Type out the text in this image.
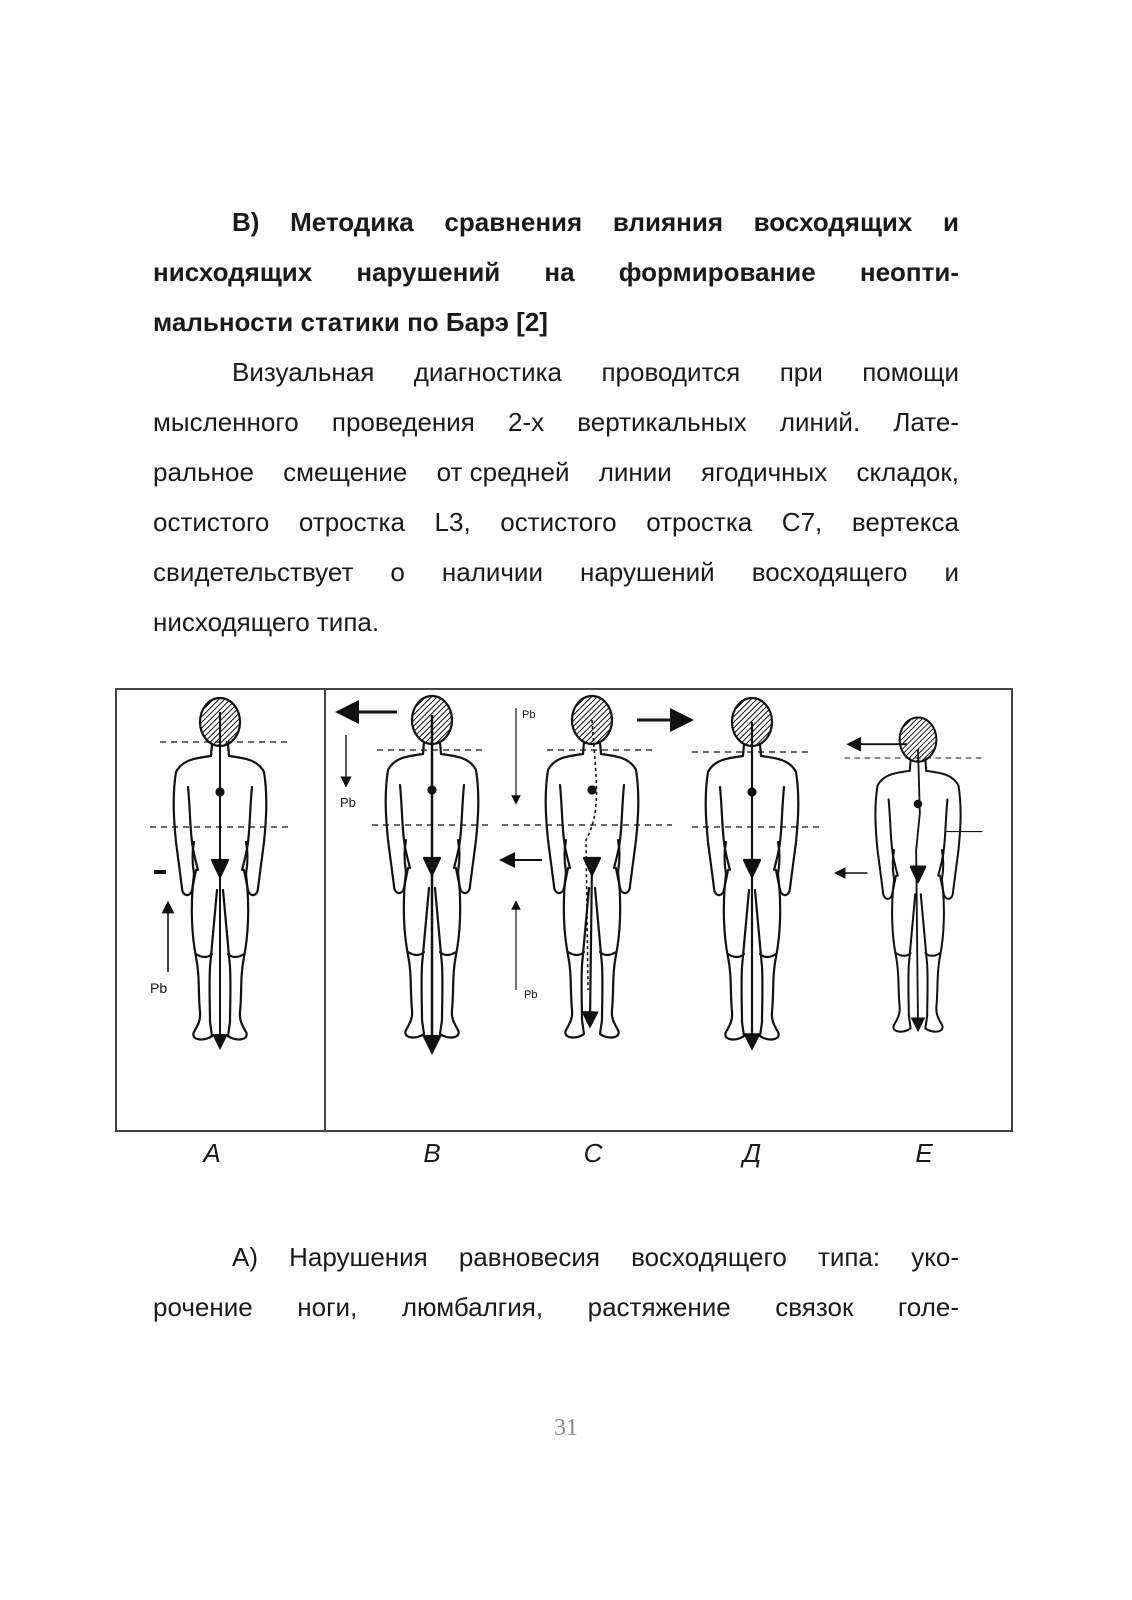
В) Методика сравнения влияния восходящих и
нисходящих нарушений на формирование неопти-
мальности статики по Барэ [2]
Визуальная диагностика проводится при помощи
мысленного проведения 2-х вертикальных линий. Лате-
ральное смещение от средней линии ягодичных складок,
остистого отростка L3, остистого отростка С7, вертекса
свидетельствует о наличии нарушений восходящего и
нисходящего типа.
Pb
Pb
Pb
Pb
А	В	С	Д	Е
А) Нарушения равновесия восходящего типа: уко-
рочение ноги, люмбалгия, растяжение связок голе-
31
